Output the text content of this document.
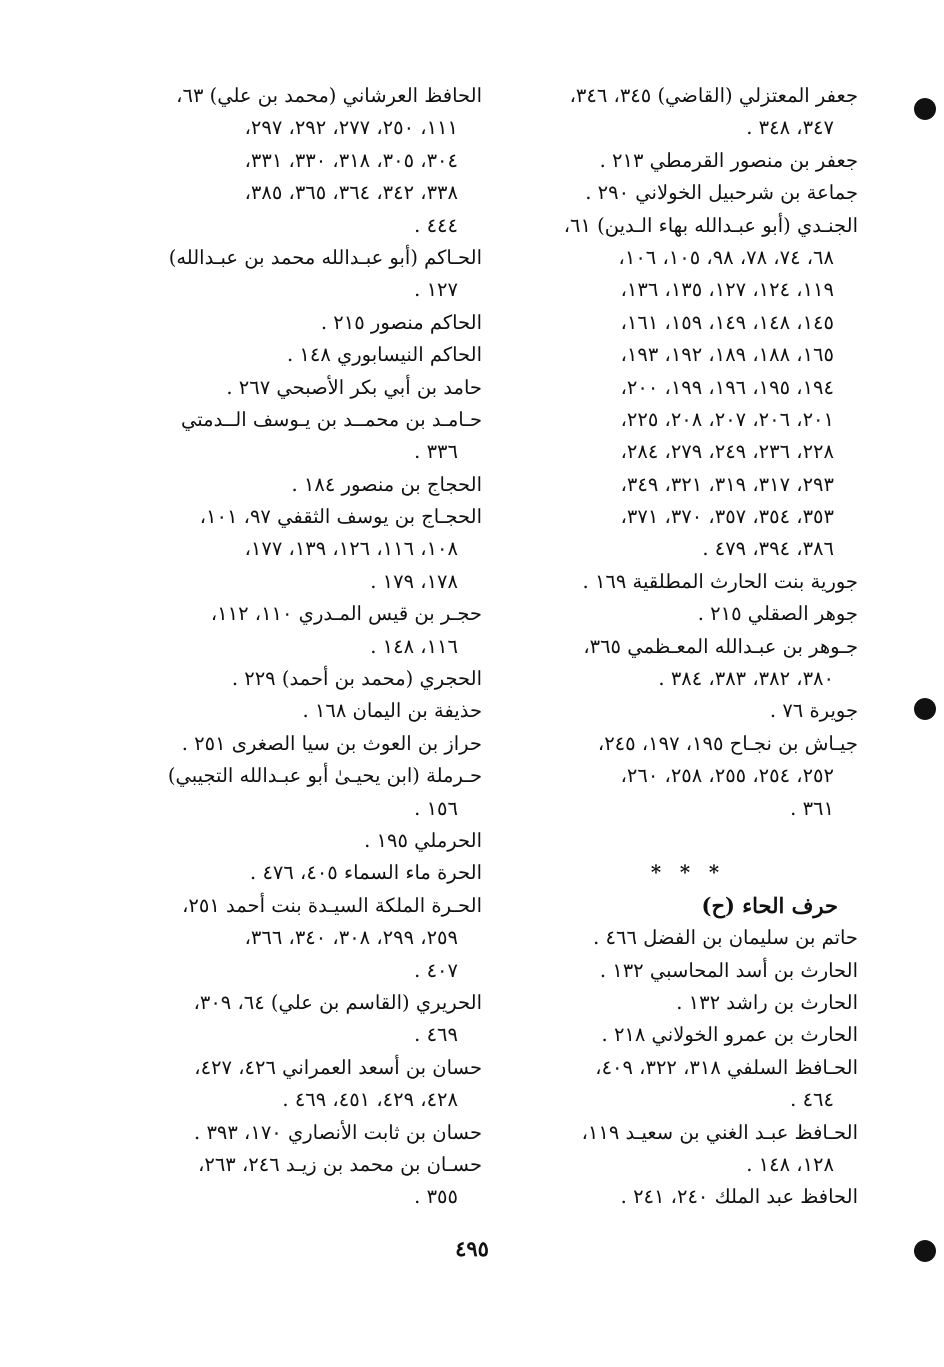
جعفر المعتزلي (القاضي) ٣٤٥، ٣٤٦،
٣٤٧، ٣٤٨ .
جعفر بن منصور القرمطي ٢١٣ .
جماعة بن شرحبيل الخولاني ٢٩٠ .
الجنـدي (أبو عبـدالله بهاء الـدين) ٦١،
٦٨، ٧٤، ٧٨، ٩٨، ١٠٥، ١٠٦،
١١٩، ١٢٤، ١٢٧، ١٣٥، ١٣٦،
١٤٥، ١٤٨، ١٤٩، ١٥٩، ١٦١،
١٦٥، ١٨٨، ١٨٩، ١٩٢، ١٩٣،
١٩٤، ١٩٥، ١٩٦، ١٩٩، ٢٠٠،
٢٠١، ٢٠٦، ٢٠٧، ٢٠٨، ٢٢٥،
٢٢٨، ٢٣٦، ٢٤٩، ٢٧٩، ٢٨٤،
٢٩٣، ٣١٧، ٣١٩، ٣٢١، ٣٤٩،
٣٥٣، ٣٥٤، ٣٥٧، ٣٧٠، ٣٧١،
٣٨٦، ٣٩٤، ٤٧٩ .
جورية بنت الحارث المطلقية ١٦٩ .
جوهر الصقلي ٢١٥ .
جـوهر بن عبـدالله المعـظمي ٣٦٥،
٣٨٠، ٣٨٢، ٣٨٣، ٣٨٤ .
جويرة ٧٦ .
جيـاش بن نجـاح ١٩٥، ١٩٧، ٢٤٥،
٢٥٢، ٢٥٤، ٢٥٥، ٢٥٨، ٢٦٠،
٣٦١ .
* * *
حرف الحاء (ح)
حاتم بن سليمان بن الفضل ٤٦٦ .
الحارث بن أسد المحاسبي ١٣٢ .
الحارث بن راشد ١٣٢ .
الحارث بن عمرو الخولاني ٢١٨ .
الحـافظ السلفي ٣١٨، ٣٢٢، ٤٠٩،
٤٦٤ .
الحـافظ عبـد الغني بن سعيـد ١١٩،
١٢٨، ١٤٨ .
الحافظ عبد الملك ٢٤٠، ٢٤١ .
الحافظ العرشاني (محمد بن علي) ٦٣،
١١١، ٢٥٠، ٢٧٧، ٢٩٢، ٢٩٧،
٣٠٤، ٣٠٥، ٣١٨، ٣٣٠، ٣٣١،
٣٣٨، ٣٤٢، ٣٦٤، ٣٦٥، ٣٨٥،
٤٤٤ .
الحـاكم (أبو عبـدالله محمد بن عبـدالله)
١٢٧ .
الحاكم منصور ٢١٥ .
الحاكم النيسابوري ١٤٨ .
حامد بن أبي بكر الأصبحي ٢٦٧ .
حـامـد بن محمــد بن يـوسف الــدمتي
٣٣٦ .
الحجاج بن منصور ١٨٤ .
الحجـاج بن يوسف الثقفي ٩٧، ١٠١،
١٠٨، ١١٦، ١٢٦، ١٣٩، ١٧٧،
١٧٨، ١٧٩ .
حجـر بن قيس المـدري ١١٠، ١١٢،
١١٦، ١٤٨ .
الحجري (محمد بن أحمد) ٢٢٩ .
حذيفة بن اليمان ١٦٨ .
حراز بن العوث بن سيا الصغرى ٢٥١ .
حـرملة (ابن يحيـىٰ أبو عبـدالله التجيبي)
١٥٦ .
الحرملي ١٩٥ .
الحرة ماء السماء ٤٠٥، ٤٧٦ .
الحـرة الملكة السيـدة بنت أحمد ٢٥١،
٢٥٩، ٢٩٩، ٣٠٨، ٣٤٠، ٣٦٦،
٤٠٧ .
الحريري (القاسم بن علي) ٦٤، ٣٠٩،
٤٦٩ .
حسان بن أسعد العمراني ٤٢٦، ٤٢٧،
٤٢٨، ٤٢٩، ٤٥١، ٤٦٩ .
حسان بن ثابت الأنصاري ١٧٠، ٣٩٣ .
حسـان بن محمد بن زيـد ٢٤٦، ٢٦٣،
٣٥٥ .
٤٩٥
